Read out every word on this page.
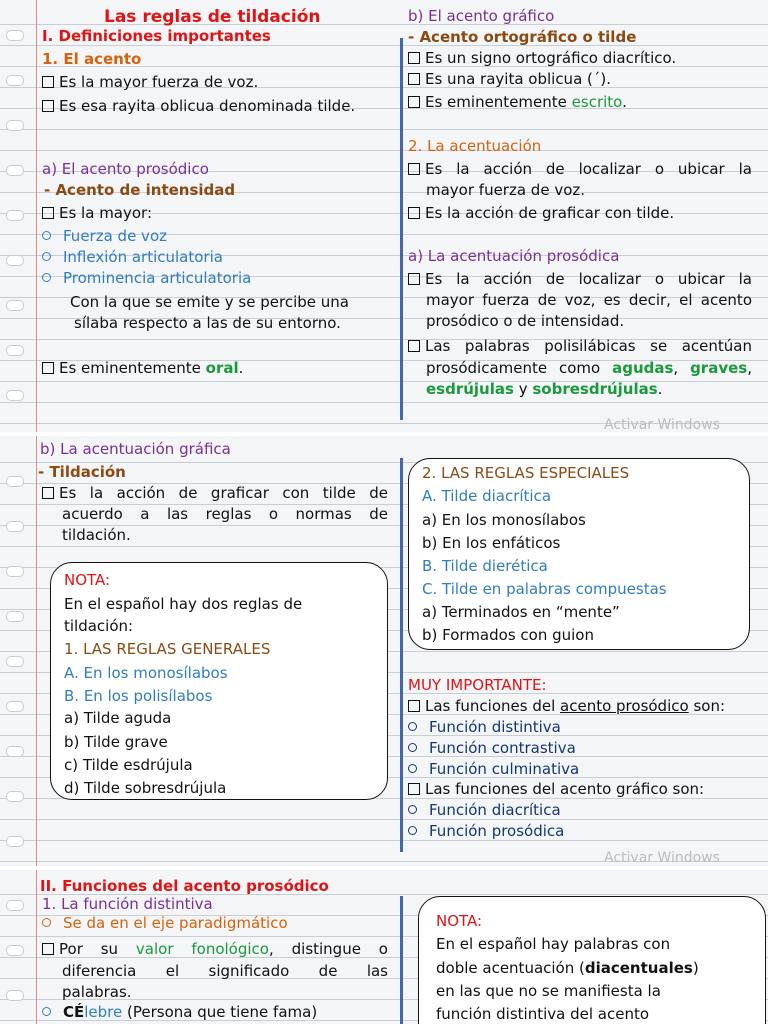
Las reglas de tildación
I. Definiciones importantes
1. El acento
Es la mayor fuerza de voz.
Es esa rayita oblicua denominada tilde.
a) El acento prosódico
- Acento de intensidad
Es la mayor:
Fuerza de voz
Inflexión articulatoria
Prominencia articulatoria
Con la que se emite y se percibe una
sílaba respecto a las de su entorno.
Es eminentemente oral.
b) El acento gráfico
- Acento ortográfico o tilde
Es un signo ortográfico diacrítico.
Es una rayita oblicua (´).
Es eminentemente escrito.
2. La acentuación
Es la acción de localizar o ubicar la
mayor fuerza de voz.
Es la acción de graficar con tilde.
a) La acentuación prosódica
Es la acción de localizar o ubicar la
mayor fuerza de voz, es decir, el acento
prosódico o de intensidad.
Las palabras polisilábicas se acentúan
prosódicamente como agudas, graves,
esdrújulas y sobresdrújulas.
Activar Windows
b) La acentuación gráfica
- Tildación
Es la acción de graficar con tilde de
acuerdo a las reglas o normas de
tildación.
NOTA:
En el español hay dos reglas de
tildación:
1. LAS REGLAS GENERALES
A. En los monosílabos
B. En los polisílabos
a) Tilde aguda
b) Tilde grave
c) Tilde esdrújula
d) Tilde sobresdrújula
2. LAS REGLAS ESPECIALES
A. Tilde diacrítica
a) En los monosílabos
b) En los enfáticos
B. Tilde dierética
C. Tilde en palabras compuestas
a) Terminados en “mente”
b) Formados con guion
MUY IMPORTANTE:
Las funciones del acento prosódico son:
Función distintiva
Función contrastiva
Función culminativa
Las funciones del acento gráfico son:
Función diacrítica
Función prosódica
Activar Windows
II. Funciones del acento prosódico
1. La función distintiva
Se da en el eje paradigmático
Por su valor fonológico, distingue o
diferencia el significado de las
palabras.
CÉlebre (Persona que tiene fama)
NOTA:
En el español hay palabras con
doble acentuación (diacentuales)
en las que no se manifiesta la
función distintiva del acento
